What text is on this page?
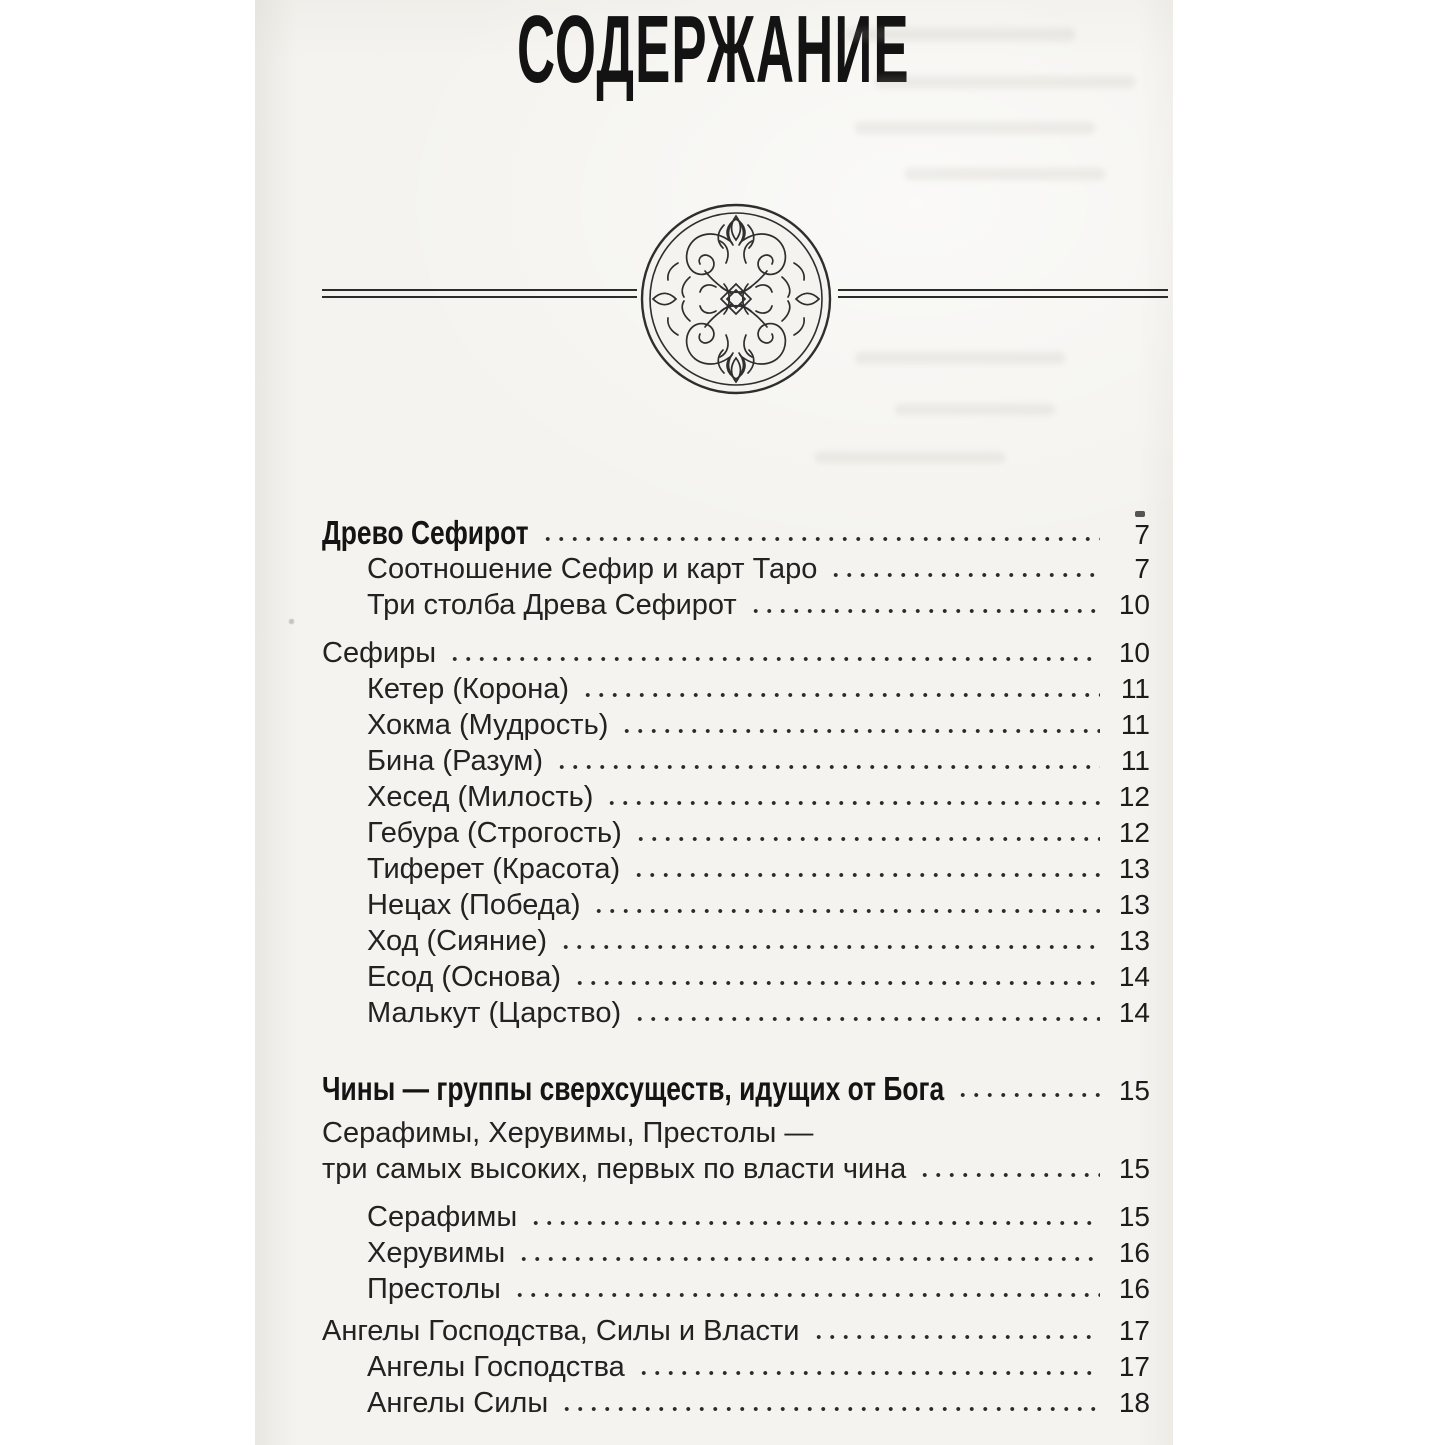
СОДЕРЖАНИЕ
Древо Сефирот	7
Соотношение Сефир и карт Таро	7
Три столба Древа Сефирот	10
Сефиры	10
Кетер (Корона)	11
Хокма (Мудрость)	11
Бина (Разум)	11
Хесед (Милость)	12
Гебура (Строгость)	12
Тиферет (Красота)	13
Нецах (Победа)	13
Ход (Сияние)	13
Есод (Основа)	14
Малькут (Царство)	14
Чины — группы сверхсуществ, идущих от Бога	15
Серафимы, Херувимы, Престолы —
три самых высоких, первых по власти чина	15
Серафимы	15
Херувимы	16
Престолы	16
Ангелы Господства, Силы и Власти	17
Ангелы Господства	17
Ангелы Силы	18
